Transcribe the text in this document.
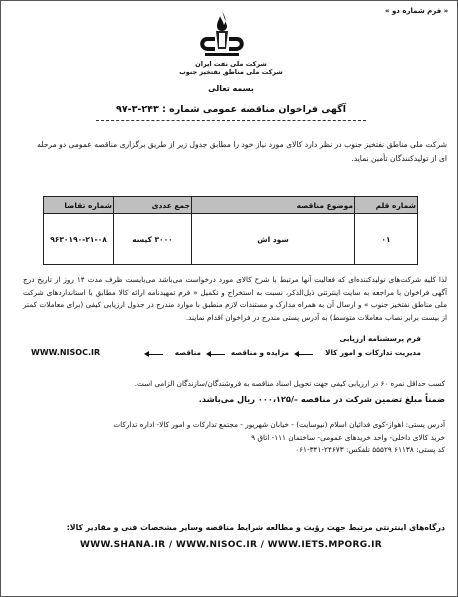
« فرم شماره دو »
شرکت ملی نفت ایران
شرکت ملی مناطق نفتخیز جنوب
بسمه تعالی
آگهی فراخوان مناقصه عمومی شماره : ۲۴۳-۳-۹۷
شرکت ملی مناطق نفتخیز جنوب در نظر دارد کالای مورد نیاز خود را مطابق جدول زیر از طریق برگزاری مناقصه عمومی دو مرحله ای از تولیدکنندگان تأمین نماید.
شماره قلم	موضوع مناقصه	جمع عددی	شماره تقاضا
۰۱	سود اش	۳۰۰۰ کیسه	۹۶۳۰۱۹۰-۲۱-۰۸
لذا کلیه شرکت‌های تولیدکننده‌ای که فعالیت آنها مرتبط با شرح کالای مورد درخواست می‌باشد می‌بایست ظرف مدت ۱۴ روز از تاریخ درج آگهی فراخوان با مراجعه به سایت اینترنتی ذیل‌الذکر، نسبت به استخراج و تکمیل « فرم تمهیدنامه ارائه کالا مطابق با استانداردهای شرکت ملی مناطق نفتخیز جنوب » و ارسال آن به همراه مدارک و مستندات لازم منطبق با موارد مندرج در جدول ارزیابی کیفی (برای معاملات کمتر از بیست برابر نصاب معاملات متوسط) به آدرس پستی مندرج در فراخوان اقدام نمایند.
فرم پرسشنامه ارزیابی
مدیریت تدارکات و امور کالا
مزایده و مناقصه
مناقصه
WWW.NISOC.IR
کسب حداقل نمره ۶۰ در ارزیابی کیفی جهت تحویل اسناد مناقصه به فروشندگان/سازندگان الزامی است.
ضمناً مبلغ تضمین شرکت در مناقصه –/۰۰۰،۱۲۵ ریال می‌باشد.
آدرس پستی: اهواز-کوی فدائیان اسلام (نیوسایت) - خیابان شهریور - مجتمع تدارکات و امور کالا- اداره تدارکات
خرید کالای داخلی- واحد خریدهای عمومی- ساختمان ۱۱۱- اتاق ۹
کد پستی: ۶۱۱۳۸ ۵۵۵۲۹ تلفکس: ۲۴۶۷۳-۳۴۱-۰۶۱
درگاه‌های اینترنتی مرتبط جهت رؤیت و مطالعه شرایط مناقصه وسایر مشخصات فنی و مقادیر کالا:
WWW.SHANA.IR / WWW.NISOC.IR / WWW.IETS.MPORG.IR
